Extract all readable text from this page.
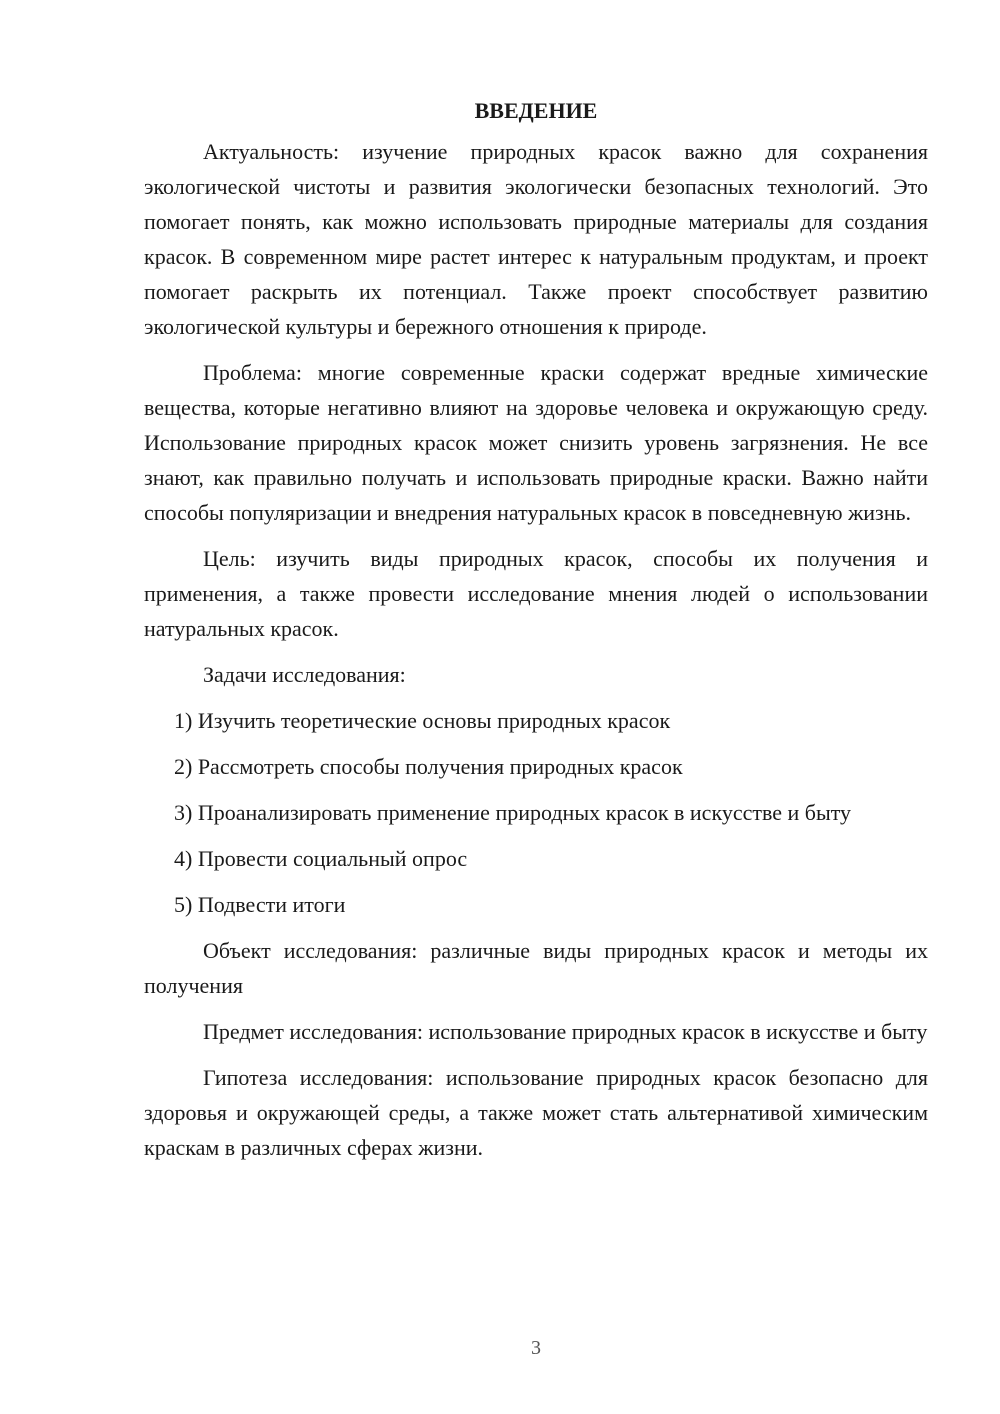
ВВЕДЕНИЕ

Актуальность: изучение природных красок важно для сохранения экологической чистоты и развития экологически безопасных технологий. Это помогает понять, как можно использовать природные материалы для создания красок. В современном мире растет интерес к натуральным продуктам, и проект помогает раскрыть их потенциал. Также проект способствует развитию экологической культуры и бережного отношения к природе.

Проблема: многие современные краски содержат вредные химические вещества, которые негативно влияют на здоровье человека и окружающую среду. Использование природных красок может снизить уровень загрязнения. Не все знают, как правильно получать и использовать природные краски. Важно найти способы популяризации и внедрения натуральных красок в повседневную жизнь.

Цель: изучить виды природных красок, способы их получения и применения, а также провести исследование мнения людей о использовании натуральных красок.

Задачи исследования:

1) Изучить теоретические основы природных красок

2) Рассмотреть способы получения природных красок

3) Проанализировать применение природных красок в искусстве и быту

4) Провести социальный опрос

5) Подвести итоги

Объект исследования: различные виды природных красок и методы их получения

Предмет исследования: использование природных красок в искусстве и быту

Гипотеза исследования: использование природных красок безопасно для здоровья и окружающей среды, а также может стать альтернативой химическим краскам в различных сферах жизни.

3
